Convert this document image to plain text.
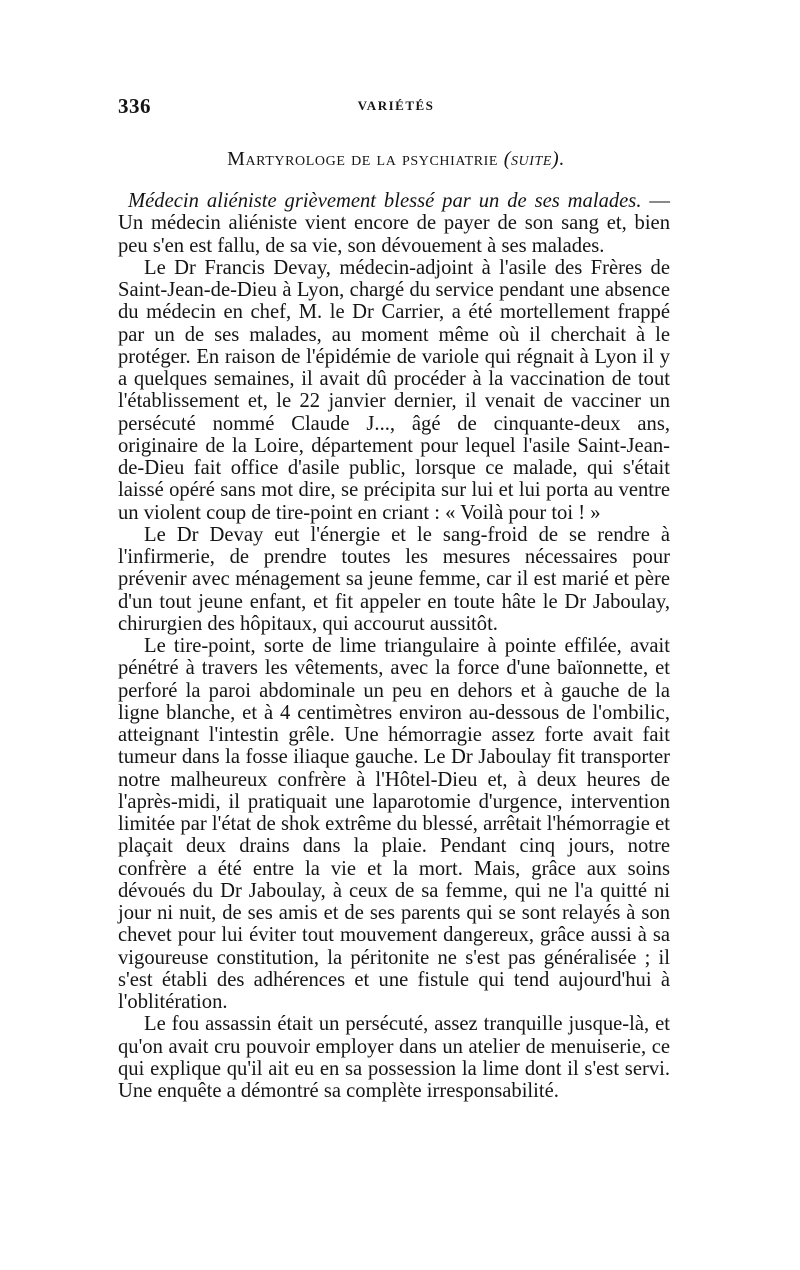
336	VARIÉTÉS
Martyrologe de la psychiatrie (suite).

Médecin aliéniste grièvement blessé par un de ses malades. — Un médecin aliéniste vient encore de payer de son sang et, bien peu s'en est fallu, de sa vie, son dévouement à ses malades.

Le Dr Francis Devay, médecin-adjoint à l'asile des Frères de Saint-Jean-de-Dieu à Lyon, chargé du service pendant une absence du médecin en chef, M. le Dr Carrier, a été mortellement frappé par un de ses malades, au moment même où il cherchait à le protéger. En raison de l'épidémie de variole qui régnait à Lyon il y a quelques semaines, il avait dû procéder à la vaccination de tout l'établissement et, le 22 janvier dernier, il venait de vacciner un persécuté nommé Claude J..., âgé de cinquante-deux ans, originaire de la Loire, département pour lequel l'asile Saint-Jean-de-Dieu fait office d'asile public, lorsque ce malade, qui s'était laissé opéré sans mot dire, se précipita sur lui et lui porta au ventre un violent coup de tire-point en criant : « Voilà pour toi ! »

Le Dr Devay eut l'énergie et le sang-froid de se rendre à l'infirmerie, de prendre toutes les mesures nécessaires pour prévenir avec ménagement sa jeune femme, car il est marié et père d'un tout jeune enfant, et fit appeler en toute hâte le Dr Jaboulay, chirurgien des hôpitaux, qui accourut aussitôt.

Le tire-point, sorte de lime triangulaire à pointe effilée, avait pénétré à travers les vêtements, avec la force d'une baïonnette, et perforé la paroi abdominale un peu en dehors et à gauche de la ligne blanche, et à 4 centimètres environ au-dessous de l'ombilic, atteignant l'intestin grêle. Une hémorragie assez forte avait fait tumeur dans la fosse iliaque gauche. Le Dr Jaboulay fit transporter notre malheureux confrère à l'Hôtel-Dieu et, à deux heures de l'après-midi, il pratiquait une laparotomie d'urgence, intervention limitée par l'état de shok extrême du blessé, arrêtait l'hémorragie et plaçait deux drains dans la plaie. Pendant cinq jours, notre confrère a été entre la vie et la mort. Mais, grâce aux soins dévoués du Dr Jaboulay, à ceux de sa femme, qui ne l'a quitté ni jour ni nuit, de ses amis et de ses parents qui se sont relayés à son chevet pour lui éviter tout mouvement dangereux, grâce aussi à sa vigoureuse constitution, la péritonite ne s'est pas généralisée ; il s'est établi des adhérences et une fistule qui tend aujourd'hui à l'oblitération.

Le fou assassin était un persécuté, assez tranquille jusque-là, et qu'on avait cru pouvoir employer dans un atelier de menuiserie, ce qui explique qu'il ait eu en sa possession la lime dont il s'est servi. Une enquête a démontré sa complète irresponsabilité.
